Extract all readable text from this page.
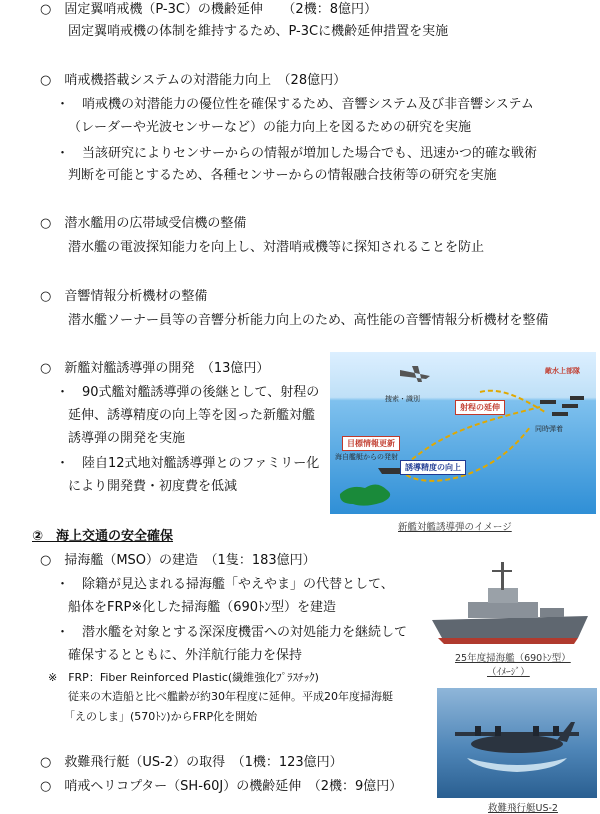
○　固定翼哨戒機（P-3C）の機齢延伸　　（2機：8億円）
固定翼哨戒機の体制を維持するため、P-3Cに機齢延伸措置を実施
○　哨戒機搭載システムの対潜能力向上　（28億円）
・　哨戒機の対潜能力の優位性を確保するため、音響システム及び非音響システム
（レーダーや光波センサーなど）の能力向上を図るための研究を実施
・　当該研究によりセンサーからの情報が増加した場合でも、迅速かつ的確な戦術
判断を可能とするため、各種センサーからの情報融合技術等の研究を実施
○　潜水艦用の広帯域受信機の整備
潜水艦の電波探知能力を向上し、対潜哨戒機等に探知されることを防止
○　音響情報分析機材の整備
潜水艦ソーナー員等の音響分析能力向上のため、高性能の音響情報分析機材を整備
○　新艦対艦誘導弾の開発　（13億円）
・　90式艦対艦誘導弾の後継として、射程の
延伸、誘導精度の向上等を図った新艦対艦
誘導弾の開発を実施
・　陸自12式地対艦誘導弾とのファミリー化
により開発費・初度費を低減
射程の延伸
目標情報更新
誘導精度の向上
敵水上部隊
捜索・識別
同時弾着
海自艦艇からの発射
新艦対艦誘導弾のイメージ
②　海上交通の安全確保
○　掃海艦（MSO）の建造　（1隻：183億円）
・　除籍が見込まれる掃海艦「やえやま」の代替として、
船体をFRP※化した掃海艦（690ﾄﾝ型）を建造
・　潜水艦を対象とする深深度機雷への対処能力を継続して
確保するとともに、外洋航行能力を保持
※　FRP：Fiber Reinforced Plastic(繊維強化ﾌﾟﾗｽﾁｯｸ)
従来の木造船と比べ艦齢が約30年程度に延伸。平成20年度掃海艇
「えのしま」(570ﾄﾝ)からFRP化を開始
○　救難飛行艇（US-2）の取得　（1機：123億円）
○　哨戒ヘリコプター（SH-60J）の機齢延伸　（2機：9億円）
25年度掃海艦（690ﾄﾝ型）
（ｲﾒｰｼﾞ）
救難飛行艇US-2
